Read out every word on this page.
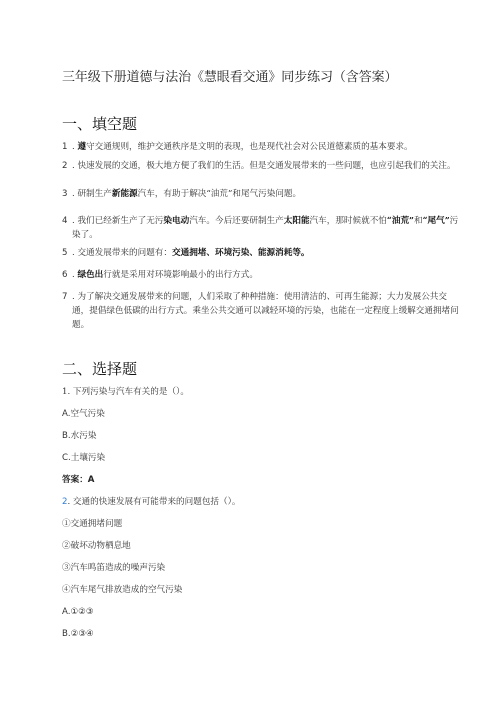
三年级下册道德与法治《慧眼看交通》同步练习（含答案）
一、填空题
1 . 遵守交通规则，维护交通秩序是文明的表现，也是现代社会对公民道德素质的基本要求。
2 . 快速发展的交通，极大地方便了我们的生活。但是交通发展带来的一些问题，也应引起我们的关注。
3 . 研制生产新能源汽车，有助于解决“油荒”和尾气污染问题。
4 . 我们已经新生产了无污染电动汽车。今后还要研制生产太阳能汽车，那时候就不怕“油荒”和“尾气”污染了。
5 . 交通发展带来的问题有：交通拥堵、环境污染、能源消耗等。
6 . 绿色出行就是采用对环境影响最小的出行方式。
7 . 为了解决交通发展带来的问题，人们采取了种种措施：使用清洁的、可再生能源；大力发展公共交通，提倡绿色低碳的出行方式。乘坐公共交通可以减轻环境的污染，也能在一定程度上缓解交通拥堵问题。
二、选择题
1. 下列污染与汽车有关的是（）。
A.空气污染
B.水污染
C.土壤污染
答案：A
2. 交通的快速发展有可能带来的问题包括（）。
①交通拥堵问题
②破坏动物栖息地
③汽车鸣笛造成的噪声污染
④汽车尾气排放造成的空气污染
A.①②③
B.②③④
